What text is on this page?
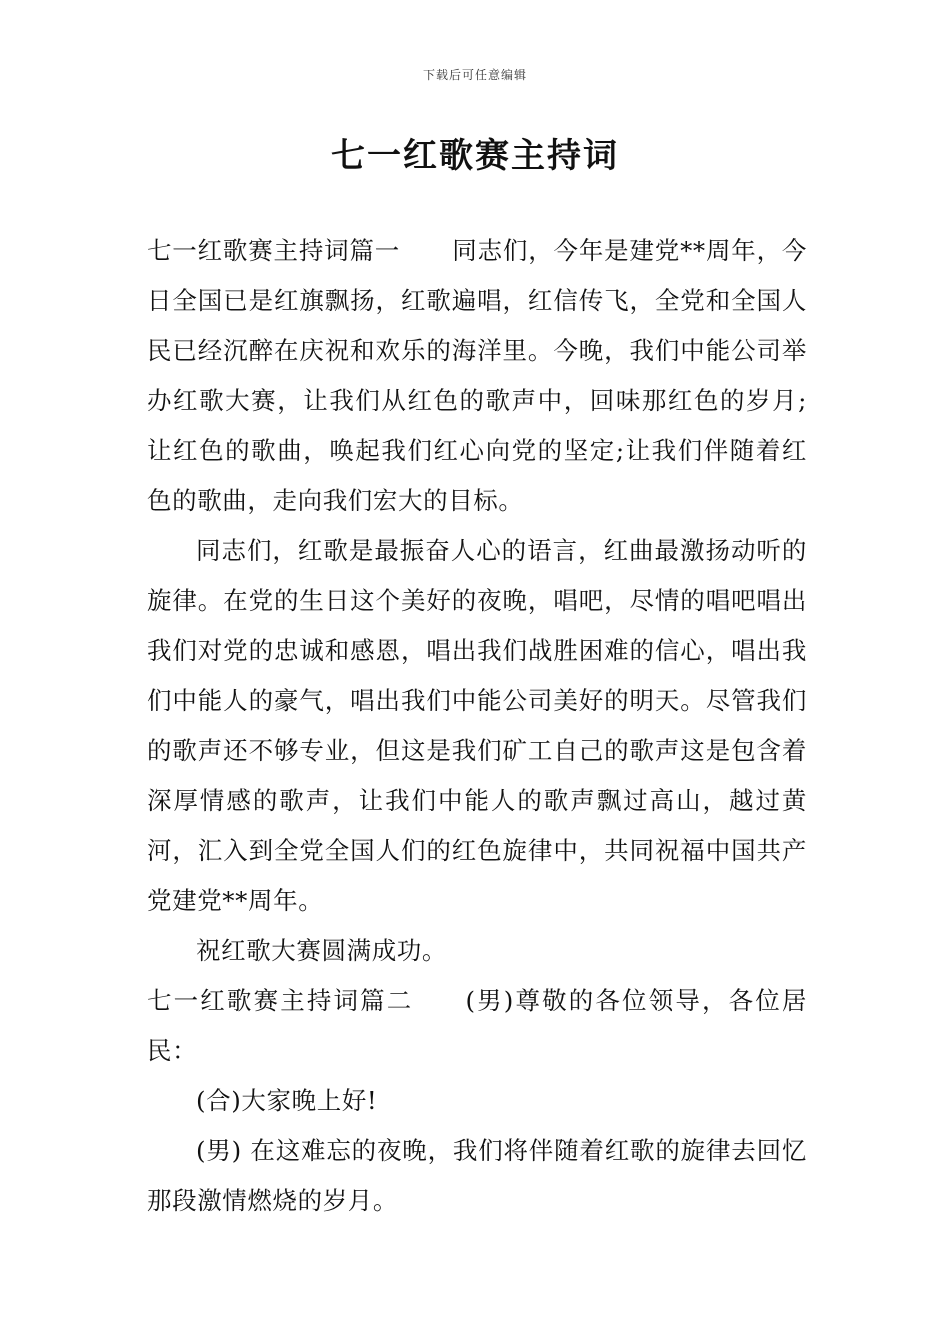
下载后可任意编辑
七一红歌赛主持词

七一红歌赛主持词篇一 同志们，今年是建党**周年，今日全国已是红旗飘扬，红歌遍唱，红信传飞，全党和全国人民已经沉醉在庆祝和欢乐的海洋里。今晚，我们中能公司举办红歌大赛，让我们从红色的歌声中，回味那红色的岁月;让红色的歌曲，唤起我们红心向党的坚定;让我们伴随着红色的歌曲，走向我们宏大的目标。

同志们，红歌是最振奋人心的语言，红曲最激扬动听的旋律。在党的生日这个美好的夜晚，唱吧，尽情的唱吧唱出我们对党的忠诚和感恩，唱出我们战胜困难的信心，唱出我们中能人的豪气，唱出我们中能公司美好的明天。尽管我们的歌声还不够专业，但这是我们矿工自己的歌声这是包含着深厚情感的歌声，让我们中能人的歌声飘过高山，越过黄河，汇入到全党全国人们的红色旋律中，共同祝福中国共产党建党**周年。

祝红歌大赛圆满成功。

七一红歌赛主持词篇二 (男)尊敬的各位领导，各位居民：

(合)大家晚上好!

(男) 在这难忘的夜晚，我们将伴随着红歌的旋律去回忆那段激情燃烧的岁月。
